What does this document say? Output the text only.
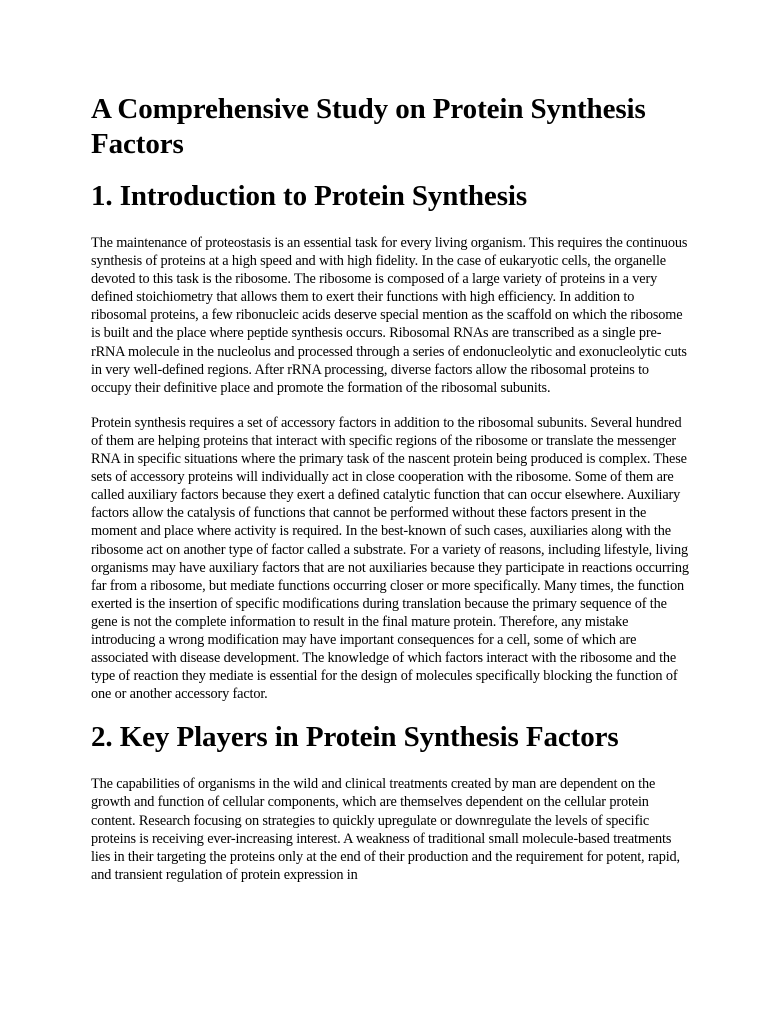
A Comprehensive Study on Protein Synthesis Factors
1. Introduction to Protein Synthesis

The maintenance of proteostasis is an essential task for every living organism. This requires the continuous synthesis of proteins at a high speed and with high fidelity. In the case of eukaryotic cells, the organelle devoted to this task is the ribosome. The ribosome is composed of a large variety of proteins in a very defined stoichiometry that allows them to exert their functions with high efficiency. In addition to ribosomal proteins, a few ribonucleic acids deserve special mention as the scaffold on which the ribosome is built and the place where peptide synthesis occurs. Ribosomal RNAs are transcribed as a single pre-rRNA molecule in the nucleolus and processed through a series of endonucleolytic and exonucleolytic cuts in very well-defined regions. After rRNA processing, diverse factors allow the ribosomal proteins to occupy their definitive place and promote the formation of the ribosomal subunits.

Protein synthesis requires a set of accessory factors in addition to the ribosomal subunits. Several hundred of them are helping proteins that interact with specific regions of the ribosome or translate the messenger RNA in specific situations where the primary task of the nascent protein being produced is complex. These sets of accessory proteins will individually act in close cooperation with the ribosome. Some of them are called auxiliary factors because they exert a defined catalytic function that can occur elsewhere. Auxiliary factors allow the catalysis of functions that cannot be performed without these factors present in the moment and place where activity is required. In the best-known of such cases, auxiliaries along with the ribosome act on another type of factor called a substrate. For a variety of reasons, including lifestyle, living organisms may have auxiliary factors that are not auxiliaries because they participate in reactions occurring far from a ribosome, but mediate functions occurring closer or more specifically. Many times, the function exerted is the insertion of specific modifications during translation because the primary sequence of the gene is not the complete information to result in the final mature protein. Therefore, any mistake introducing a wrong modification may have important consequences for a cell, some of which are associated with disease development. The knowledge of which factors interact with the ribosome and the type of reaction they mediate is essential for the design of molecules specifically blocking the function of one or another accessory factor.

2. Key Players in Protein Synthesis Factors

The capabilities of organisms in the wild and clinical treatments created by man are dependent on the growth and function of cellular components, which are themselves dependent on the cellular protein content. Research focusing on strategies to quickly upregulate or downregulate the levels of specific proteins is receiving ever-increasing interest. A weakness of traditional small molecule-based treatments lies in their targeting the proteins only at the end of their production and the requirement for potent, rapid, and transient regulation of protein expression in
